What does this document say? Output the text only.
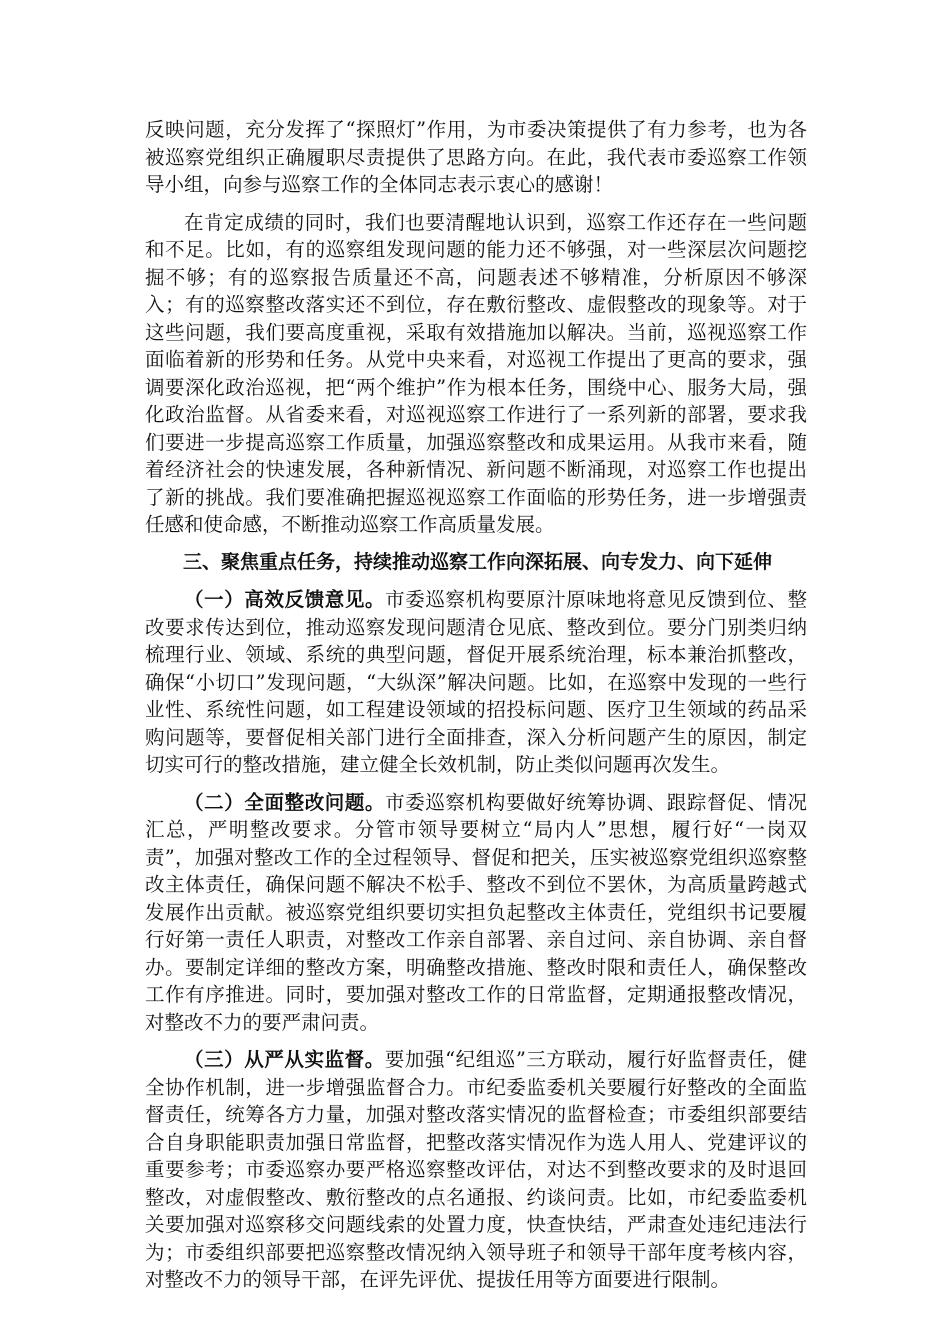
反映问题，充分发挥了“探照灯”作用，为市委决策提供了有力参考，也为各被巡察党组织正确履职尽责提供了思路方向。在此，我代表市委巡察工作领导小组，向参与巡察工作的全体同志表示衷心的感谢！

在肯定成绩的同时，我们也要清醒地认识到，巡察工作还存在一些问题和不足。比如，有的巡察组发现问题的能力还不够强，对一些深层次问题挖掘不够；有的巡察报告质量还不高，问题表述不够精准，分析原因不够深入；有的巡察整改落实还不到位，存在敷衍整改、虚假整改的现象等。对于这些问题，我们要高度重视，采取有效措施加以解决。当前，巡视巡察工作面临着新的形势和任务。从党中央来看，对巡视工作提出了更高的要求，强调要深化政治巡视，把“两个维护”作为根本任务，围绕中心、服务大局，强化政治监督。从省委来看，对巡视巡察工作进行了一系列新的部署，要求我们要进一步提高巡察工作质量，加强巡察整改和成果运用。从我市来看，随着经济社会的快速发展，各种新情况、新问题不断涌现，对巡察工作也提出了新的挑战。我们要准确把握巡视巡察工作面临的形势任务，进一步增强责任感和使命感，不断推动巡察工作高质量发展。

三、聚焦重点任务，持续推动巡察工作向深拓展、向专发力、向下延伸

（一）高效反馈意见。市委巡察机构要原汁原味地将意见反馈到位、整改要求传达到位，推动巡察发现问题清仓见底、整改到位。要分门别类归纳梳理行业、领域、系统的典型问题，督促开展系统治理，标本兼治抓整改，确保“小切口”发现问题，“大纵深”解决问题。比如，在巡察中发现的一些行业性、系统性问题，如工程建设领域的招投标问题、医疗卫生领域的药品采购问题等，要督促相关部门进行全面排查，深入分析问题产生的原因，制定切实可行的整改措施，建立健全长效机制，防止类似问题再次发生。

（二）全面整改问题。市委巡察机构要做好统筹协调、跟踪督促、情况汇总，严明整改要求。分管市领导要树立“局内人”思想，履行好“一岗双责”，加强对整改工作的全过程领导、督促和把关，压实被巡察党组织巡察整改主体责任，确保问题不解决不松手、整改不到位不罢休，为高质量跨越式发展作出贡献。被巡察党组织要切实担负起整改主体责任，党组织书记要履行好第一责任人职责，对整改工作亲自部署、亲自过问、亲自协调、亲自督办。要制定详细的整改方案，明确整改措施、整改时限和责任人，确保整改工作有序推进。同时，要加强对整改工作的日常监督，定期通报整改情况，对整改不力的要严肃问责。

（三）从严从实监督。要加强“纪组巡”三方联动，履行好监督责任，健全协作机制，进一步增强监督合力。市纪委监委机关要履行好整改的全面监督责任，统筹各方力量，加强对整改落实情况的监督检查；市委组织部要结合自身职能职责加强日常监督，把整改落实情况作为选人用人、党建评议的重要参考；市委巡察办要严格巡察整改评估，对达不到整改要求的及时退回整改，对虚假整改、敷衍整改的点名通报、约谈问责。比如，市纪委监委机关要加强对巡察移交问题线索的处置力度，快查快结，严肃查处违纪违法行为；市委组织部要把巡察整改情况纳入领导班子和领导干部年度考核内容，对整改不力的领导干部，在评先评优、提拔任用等方面要进行限制。
